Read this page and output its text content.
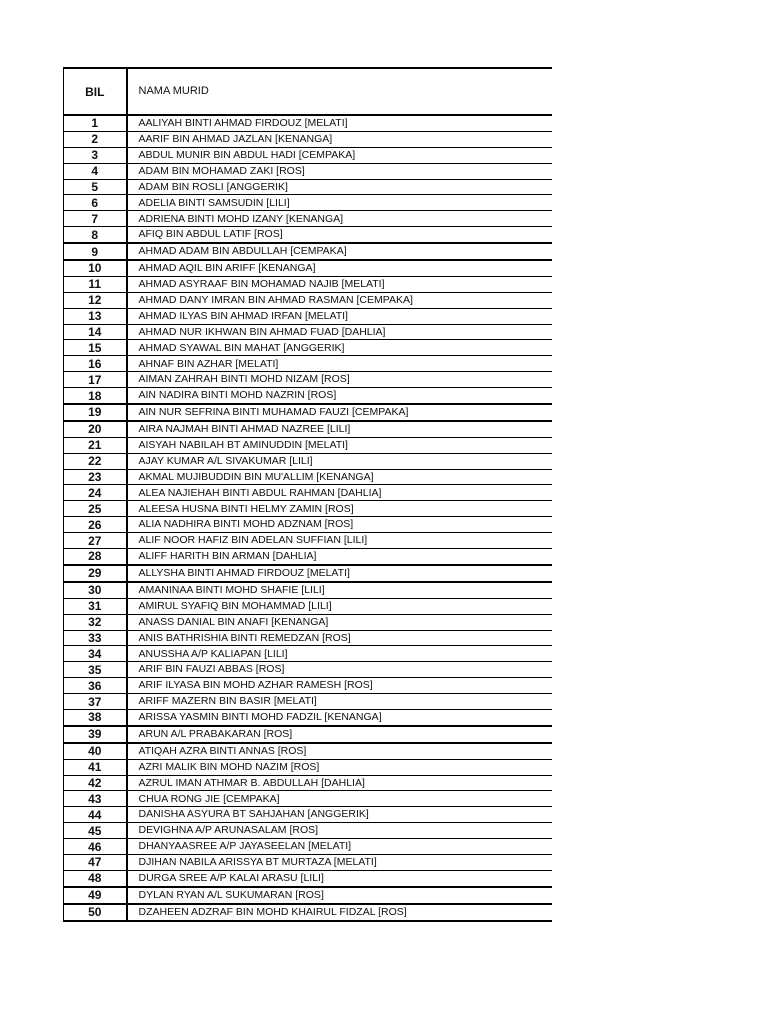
BIL	NAMA MURID
1	AALIYAH BINTI AHMAD FIRDOUZ [MELATI]
2	AARIF BIN AHMAD JAZLAN [KENANGA]
3	ABDUL MUNIR BIN ABDUL HADI [CEMPAKA]
4	ADAM BIN MOHAMAD ZAKI [ROS]
5	ADAM BIN ROSLI [ANGGERIK]
6	ADELIA BINTI SAMSUDIN [LILI]
7	ADRIENA BINTI MOHD IZANY [KENANGA]
8	AFIQ BIN ABDUL LATIF [ROS]
9	AHMAD ADAM BIN ABDULLAH [CEMPAKA]
10	AHMAD AQIL BIN ARIFF [KENANGA]
11	AHMAD ASYRAAF BIN MOHAMAD NAJIB [MELATI]
12	AHMAD DANY IMRAN BIN AHMAD RASMAN [CEMPAKA]
13	AHMAD ILYAS BIN AHMAD IRFAN [MELATI]
14	AHMAD NUR IKHWAN BIN AHMAD FUAD [DAHLIA]
15	AHMAD SYAWAL BIN MAHAT [ANGGERIK]
16	AHNAF BIN AZHAR [MELATI]
17	AIMAN ZAHRAH BINTI MOHD NIZAM [ROS]
18	AIN NADIRA BINTI MOHD NAZRIN [ROS]
19	AIN NUR SEFRINA BINTI MUHAMAD FAUZI [CEMPAKA]
20	AIRA NAJMAH BINTI AHMAD NAZREE [LILI]
21	AISYAH NABILAH BT AMINUDDIN [MELATI]
22	AJAY KUMAR A/L SIVAKUMAR [LILI]
23	AKMAL MUJIBUDDIN BIN MU'ALLIM [KENANGA]
24	ALEA NAJIEHAH BINTI ABDUL RAHMAN [DAHLIA]
25	ALEESA HUSNA BINTI HELMY ZAMIN [ROS]
26	ALIA NADHIRA BINTI MOHD ADZNAM [ROS]
27	ALIF NOOR HAFIZ BIN ADELAN SUFFIAN [LILI]
28	ALIFF HARITH BIN ARMAN [DAHLIA]
29	ALLYSHA BINTI AHMAD FIRDOUZ [MELATI]
30	AMANINAA BINTI MOHD SHAFIE [LILI]
31	AMIRUL SYAFIQ BIN MOHAMMAD [LILI]
32	ANASS DANIAL BIN ANAFI [KENANGA]
33	ANIS BATHRISHIA BINTI REMEDZAN [ROS]
34	ANUSSHA A/P KALIAPAN [LILI]
35	ARIF BIN FAUZI ABBAS [ROS]
36	ARIF ILYASA BIN MOHD AZHAR RAMESH [ROS]
37	ARIFF MAZERN BIN BASIR [MELATI]
38	ARISSA YASMIN BINTI MOHD FADZIL [KENANGA]
39	ARUN A/L PRABAKARAN [ROS]
40	ATIQAH AZRA BINTI ANNAS [ROS]
41	AZRI MALIK BIN MOHD NAZIM [ROS]
42	AZRUL IMAN ATHMAR B. ABDULLAH [DAHLIA]
43	CHUA RONG JIE [CEMPAKA]
44	DANISHA ASYURA BT SAHJAHAN [ANGGERIK]
45	DEVIGHNA A/P ARUNASALAM [ROS]
46	DHANYAASREE A/P JAYASEELAN [MELATI]
47	DJIHAN NABILA ARISSYA BT MURTAZA [MELATI]
48	DURGA SREE A/P KALAI ARASU [LILI]
49	DYLAN RYAN A/L SUKUMARAN [ROS]
50	DZAHEEN ADZRAF BIN MOHD KHAIRUL FIDZAL [ROS]
